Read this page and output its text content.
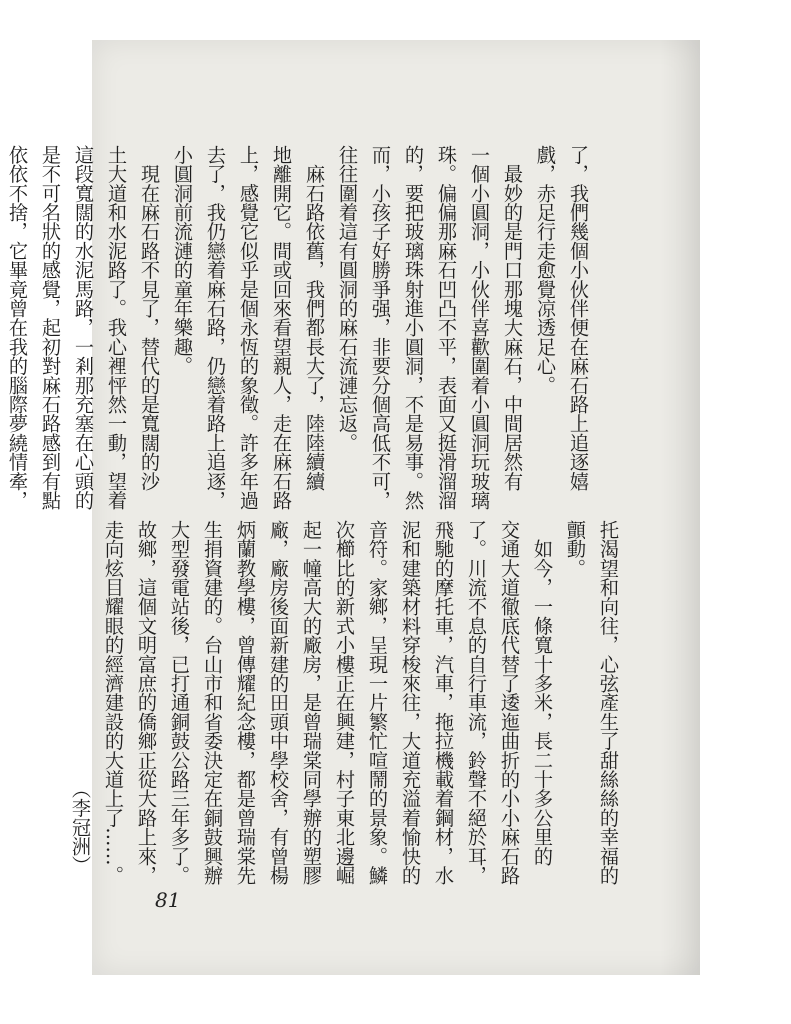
了，我們幾個小伙伴便在麻石路上追逐嬉

戲，赤足行走愈覺凉透足心。

　最妙的是門口那塊大麻石，中間居然有

一個小圓洞，小伙伴喜歡圍着小圓洞玩玻璃

珠。偏偏那麻石凹凸不平，表面又挺滑溜溜

的，要把玻璃珠射進小圓洞，不是易事。然

而，小孩子好勝爭强，非要分個高低不可，

往往圍着這有圓洞的麻石流漣忘返。

　麻石路依舊，我們都長大了，陸陸續續

地離開它。間或回來看望親人，走在麻石路

上，感覺它似乎是個永恆的象徵。許多年過

去了，我仍戀着麻石路，仍戀着路上追逐，

小圓洞前流漣的童年樂趣。

　現在麻石路不見了，替代的是寬闊的沙

土大道和水泥路了。我心裡怦然一動，望着

這段寬闊的水泥馬路，一剎那充塞在心頭的

是不可名狀的感覺，起初對麻石路感到有點

依依不捨，它畢竟曾在我的腦際夢繞情牽，

托渴望和向往，心弦產生了甜絲絲的幸福的

顫動。

　如今，一條寬十多米，長二十多公里的

交通大道徹底代替了逶迤曲折的小小麻石路

了。川流不息的自行車流，鈴聲不絕於耳，

飛馳的摩托車，汽車，拖拉機載着鋼材，水

泥和建築材料穿梭來往，大道充溢着愉快的

音符。家鄉，呈現一片繁忙喧鬧的景象。鱗

次櫛比的新式小樓正在興建，村子東北邊崛

起一幢高大的廠房，是曾瑞棠同學辦的塑膠

廠，廠房後面新建的田頭中學校舍，有曾楊

炳蘭教學樓，曾傳耀紀念樓，都是曾瑞棠先

生捐資建的。台山市和省委決定在銅鼓興辦

大型發電站後，已打通銅鼓公路三年多了。

故鄉，這個文明富庶的僑鄉正從大路上來，

走向炫目耀眼的經濟建設的大道上了……。

（李冠洲）

81
